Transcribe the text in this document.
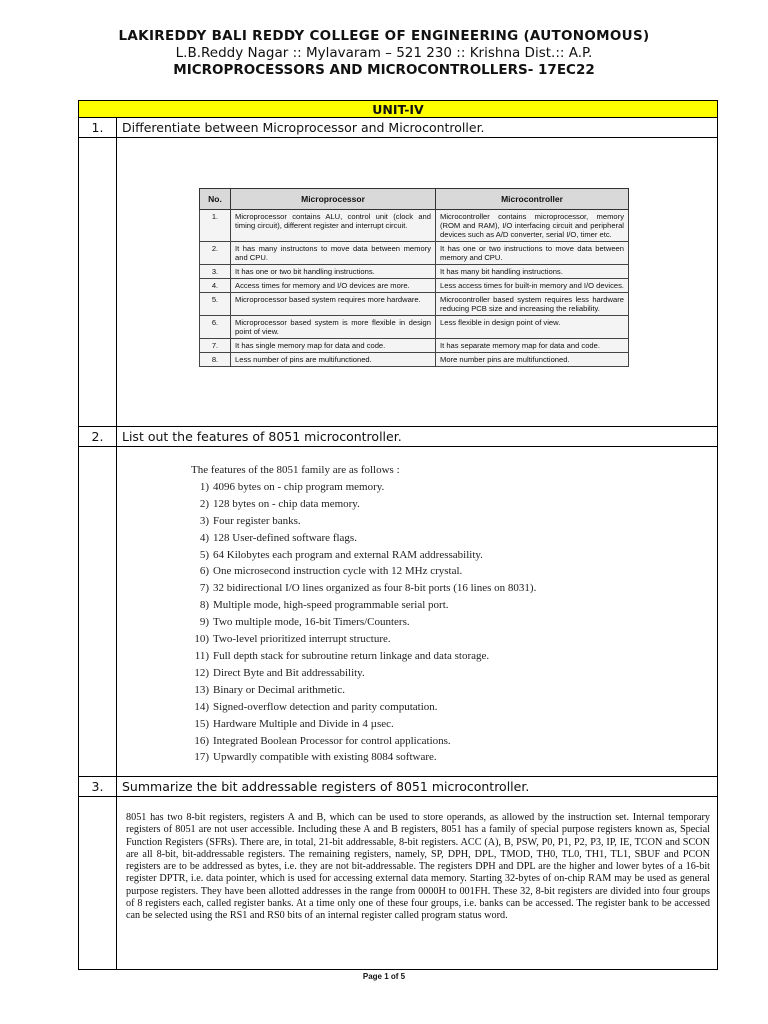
LAKIREDDY BALI REDDY COLLEGE OF ENGINEERING (AUTONOMOUS)
L.B.Reddy Nagar :: Mylavaram – 521 230 :: Krishna Dist.:: A.P.
MICROPROCESSORS AND MICROCONTROLLERS- 17EC22
UNIT-IV
1.	Differentiate between Microprocessor and Microcontroller.
No.	Microprocessor	Microcontroller
1.	Microprocessor contains ALU, control unit (clock and timing circuit), different register and interrupt circuit.	Microcontroller contains microprocessor, memory (ROM and RAM), I/O interfacing circuit and peripheral devices such as A/D converter, serial I/O, timer etc.
2.	It has many instructons to move data between memory and CPU.	It has one or two instructions to move data between memory and CPU.
3.	It has one or two bit handling instructions.	It has many bit handling instructions.
4.	Access times for memory and I/O devices are more.	Less access times for built-in memory and I/O devices.
5.	Microprocessor based system requires more hardware.	Microcontroller based system requires less hardware reducing PCB size and increasing the reliability.
6.	Microprocessor based system is more flexible in design point of view.	Less flexible in design point of view.
7.	It has single memory map for data and code.	It has separate memory map for data and code.
8.	Less number of pins are multifunctioned.	More number pins are multifunctioned.
2.	List out the features of 8051 microcontroller.
The features of the 8051 family are as follows :
1) 4096 bytes on - chip program memory.
2) 128 bytes on - chip data memory.
3) Four register banks.
4) 128 User-defined software flags.
5) 64 Kilobytes each program and external RAM addressability.
6) One microsecond instruction cycle with 12 MHz crystal.
7) 32 bidirectional I/O lines organized as four 8-bit ports (16 lines on 8031).
8) Multiple mode, high-speed programmable serial port.
9) Two multiple mode, 16-bit Timers/Counters.
10) Two-level prioritized interrupt structure.
11) Full depth stack for subroutine return linkage and data storage.
12) Direct Byte and Bit addressability.
13) Binary or Decimal arithmetic.
14) Signed-overflow detection and parity computation.
15) Hardware Multiple and Divide in 4 µsec.
16) Integrated Boolean Processor for control applications.
17) Upwardly compatible with existing 8084 software.
3.	Summarize the bit addressable registers of 8051 microcontroller.
8051 has two 8-bit registers, registers A and B, which can be used to store operands, as allowed by the instruction set. Internal temporary registers of 8051 are not user accessible. Including these A and B registers, 8051 has a family of special purpose registers known as, Special Function Registers (SFRs). There are, in total, 21-bit addressable, 8-bit registers. ACC (A), B, PSW, P0, P1, P2, P3, IP, IE, TCON and SCON are all 8-bit, bit-addressable registers. The remaining registers, namely, SP, DPH, DPL, TMOD, TH0, TL0, TH1, TL1, SBUF and PCON registers are to be addressed as bytes, i.e. they are not bit-addressable. The registers DPH and DPL are the higher and lower bytes of a 16-bit register DPTR, i.e. data pointer, which is used for accessing external data memory. Starting 32-bytes of on-chip RAM may be used as general purpose registers. They have been allotted addresses in the range from 0000H to 001FH. These 32, 8-bit registers are divided into four groups of 8 registers each, called register banks. At a time only one of these four groups, i.e. banks can be accessed. The register bank to be accessed can be selected using the RS1 and RS0 bits of an internal register called program status word.
Page 1 of 5
